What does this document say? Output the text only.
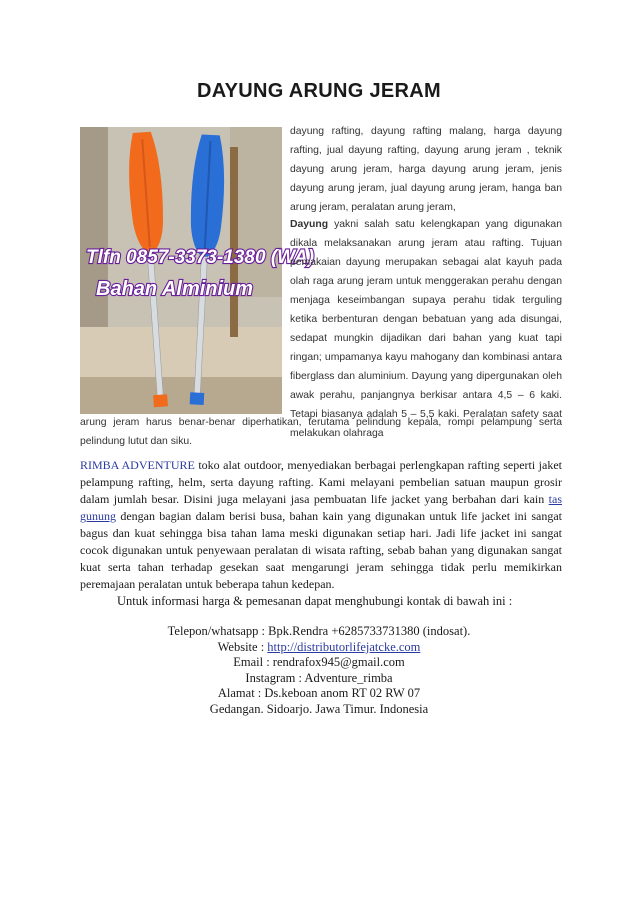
DAYUNG ARUNG JERAM
Tlfn 0857-3373-1380 (WA)
Bahan Alminium
dayung rafting, dayung rafting malang, harga dayung rafting, jual dayung rafting, dayung arung jeram , teknik dayung arung jeram, harga dayung arung jeram, jenis dayung arung jeram, jual dayung arung jeram, hanga ban arung jeram, peralatan arung jeram,
Dayung yakni salah satu kelengkapan yang digunakan dikala melaksanakan arung jeram atau rafting. Tujuan pemakaian dayung merupakan sebagai alat kayuh pada olah raga arung jeram untuk menggerakan perahu dengan menjaga keseimbangan supaya perahu tidak terguling ketika berbenturan dengan bebatuan yang ada disungai, sedapat mungkin dijadikan dari bahan yang kuat tapi ringan; umpamanya kayu mahogany dan kombinasi antara fiberglass dan aluminium. Dayung yang dipergunakan oleh awak perahu, panjangnya berkisar antara 4,5 – 6 kaki. Tetapi biasanya adalah 5 – 5,5 kaki. Peralatan safety saat melakukan olahraga
arung jeram harus benar-benar diperhatikan, terutama pelindung kepala, rompi pelampung serta pelindung lutut dan siku.
RIMBA ADVENTURE toko alat outdoor, menyediakan berbagai perlengkapan rafting seperti jaket pelampung rafting, helm, serta dayung rafting. Kami melayani pembelian satuan maupun grosir dalam jumlah besar. Disini juga melayani jasa pembuatan life jacket yang berbahan dari kain tas gunung dengan bagian dalam berisi busa, bahan kain yang digunakan untuk life jacket ini sangat bagus dan kuat sehingga bisa tahan lama meski digunakan setiap hari. Jadi life jacket ini sangat cocok digunakan untuk penyewaan peralatan di wisata rafting, sebab bahan yang digunakan sangat kuat serta tahan terhadap gesekan saat mengarungi jeram sehingga tidak perlu memikirkan peremajaan peralatan untuk beberapa tahun kedepan.
Untuk informasi harga & pemesanan dapat menghubungi kontak di bawah ini :
Telepon/whatsapp : Bpk.Rendra +6285733731380 (indosat).
Website : http://distributorlifejatcke.com
Email : rendrafox945@gmail.com
Instagram : Adventure_rimba
Alamat : Ds.keboan anom RT 02 RW 07
Gedangan. Sidoarjo. Jawa Timur. Indonesia
